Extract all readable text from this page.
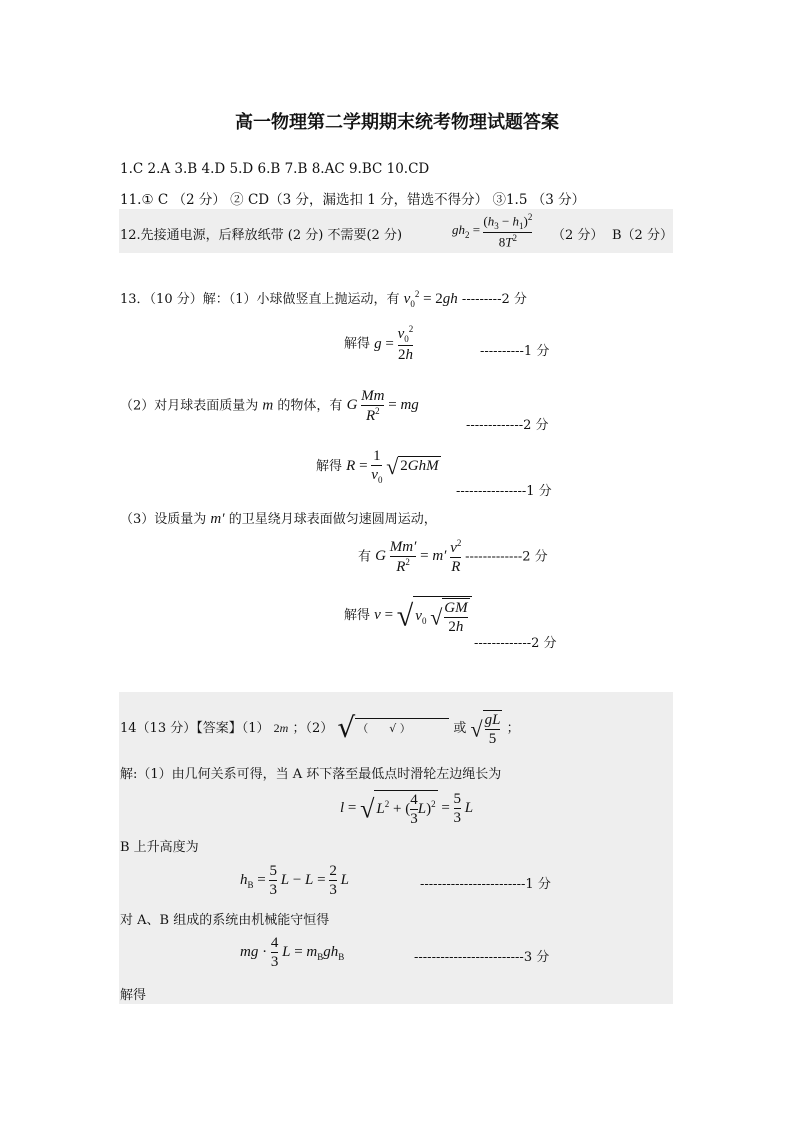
高一物理第二学期期末统考物理试题答案
1.C 2.A 3.B 4.D 5.D 6.B 7.B 8.AC 9.BC 10.CD
11.① C （2 分） ② CD（3 分，漏选扣 1 分，错选不得分） ③1.5 （3 分）
12.先接通电源，后释放纸带 (2 分) 不需要(2 分)	$gh_2 = \frac{(h_3 - h_1)^2}{8T^2} (2$ 分） B（2 分）
13．（10 分）解：（1）小球做竖直上抛运动，有 $v_0^2 = 2gh$ ---------2 分
解得 $g = \frac{v_0^2}{2h}$	----------1 分
（2）对月球表面质量为 m 的物体，有 G $\frac{Mm}{R^2}$ = mg
-------------2 分
解得 $R = \frac{1}{v_0}$ √ 2GhM
----------------1 分
（3）设质量为 m′ 的卫星绕月球表面做匀速圆周运动，
有 G $\frac{Mm'}{R^2} = m' \frac{v^2}{R} -------------2$ 分
解得 v = √ $v_0$ √ $\frac{GM}{2h}$
-------------2 分
14（13 分）【答案】（1） 2m ；（2） √ （      √ ）	或 √ $\frac{gL}{5}$ ；
解:（1）由几何关系可得，当 A 环下落至最低点时滑轮左边绳长为
l = √ $L^2$ + ( $\frac{4}{3} L)^2 = \frac{5}{3}$ L
B 上升高度为
$h_B = \frac{5}{3}$ $L - L = \frac{2}{3}$ L	------------------------1 分
对 A、B 组成的系统由机械能守恒得
mg · $\frac{4}{3}$ $L = m_Bgh_B$	-------------------------3 分
解得
